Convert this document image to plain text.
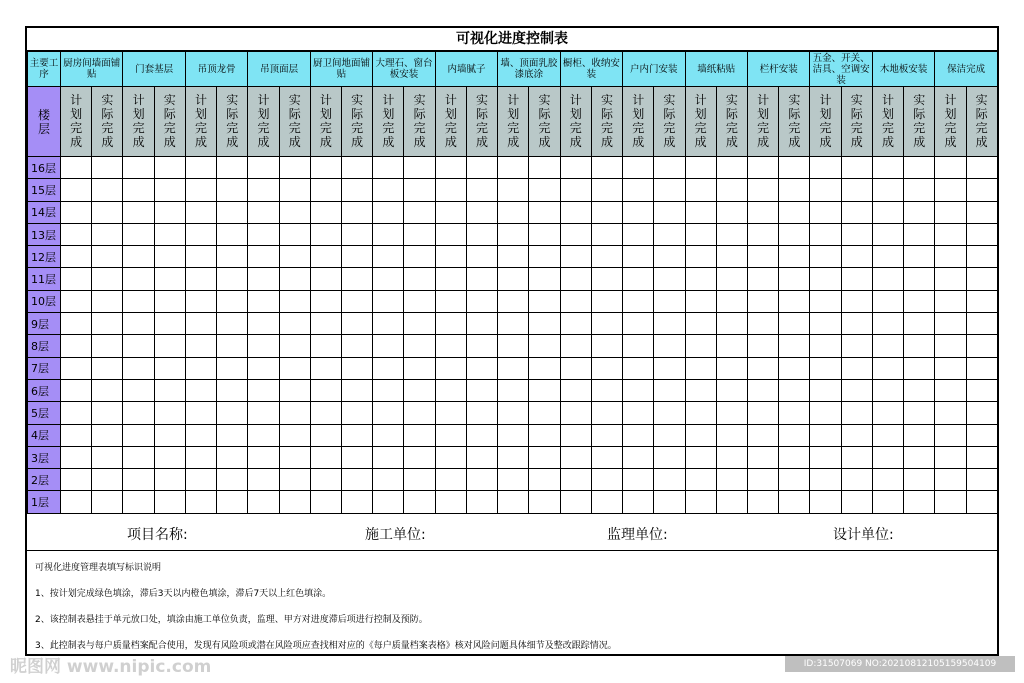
可视化进度控制表
主要工序	厨房间墙面铺贴		门套基层		吊顶龙骨		吊顶面层		厨卫间地面铺贴		大理石、窗台板安装		内墙腻子		墙、顶面乳胶漆底涂		橱柜、收纳安装		户内门安装		墙纸粘贴		栏杆安装		五金、开关、洁具、空调安装		木地板安装		保洁完成	
楼层	计划完成	实际完成	计划完成	实际完成	计划完成	实际完成	计划完成	实际完成	计划完成	实际完成	计划完成	实际完成	计划完成	实际完成	计划完成	实际完成	计划完成	实际完成	计划完成	实际完成	计划完成	实际完成	计划完成	实际完成	计划完成	实际完成	计划完成	实际完成	计划完成	实际完成
16层																														
15层																														
14层																														
13层																														
12层																														
11层																														
10层																														
9层																														
8层																														
7层																														
6层																														
5层																														
4层																														
3层																														
2层																														
1层																														
项目名称:	施工单位:	监理单位:	设计单位:
可视化进度管理表填写标识说明
1、按计划完成绿色填涂，滞后3天以内橙色填涂，滞后7天以上红色填涂。
2、该控制表悬挂于单元放口处，填涂由施工单位负责，监理、甲方对进度滞后项进行控制及预防。
3、此控制表与每户质量档案配合使用，发现有风险项或潜在风险项应查找相对应的《每户质量档案表格》核对风险问题具体细节及整改跟踪情况。
昵图网 www.nipic.com	ID:31507069 NO:20210812105159504109
